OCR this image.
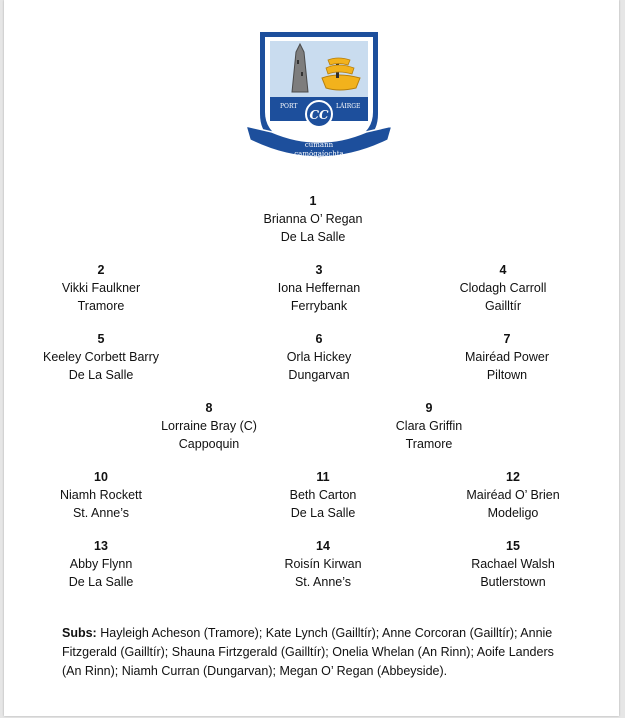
PORT	LÁIRGE
CC
cumann
camógaíochta
1
Brianna O’ Regan
De La Salle
2
Vikki Faulkner
Tramore
3
Iona Heffernan
Ferrybank
4
Clodagh Carroll
Gailltír
5
Keeley Corbett Barry
De La Salle
6
Orla Hickey
Dungarvan
7
Mairéad Power
Piltown
8
Lorraine Bray (C)
Cappoquin
9
Clara Griffin
Tramore
10
Niamh Rockett
St. Anne’s
11
Beth Carton
De La Salle
12
Mairéad O’ Brien
Modeligo
13
Abby Flynn
De La Salle
14
Roisín Kirwan
St. Anne’s
15
Rachael Walsh
Butlerstown
Subs: Hayleigh Acheson (Tramore); Kate Lynch (Gailltír); Anne Corcoran (Gailltír); Annie Fitzgerald (Gailltír); Shauna Firtzgerald (Gailltír); Onelia Whelan (An Rinn); Aoife Landers (An Rinn); Niamh Curran (Dungarvan); Megan O’ Regan (Abbeyside).
